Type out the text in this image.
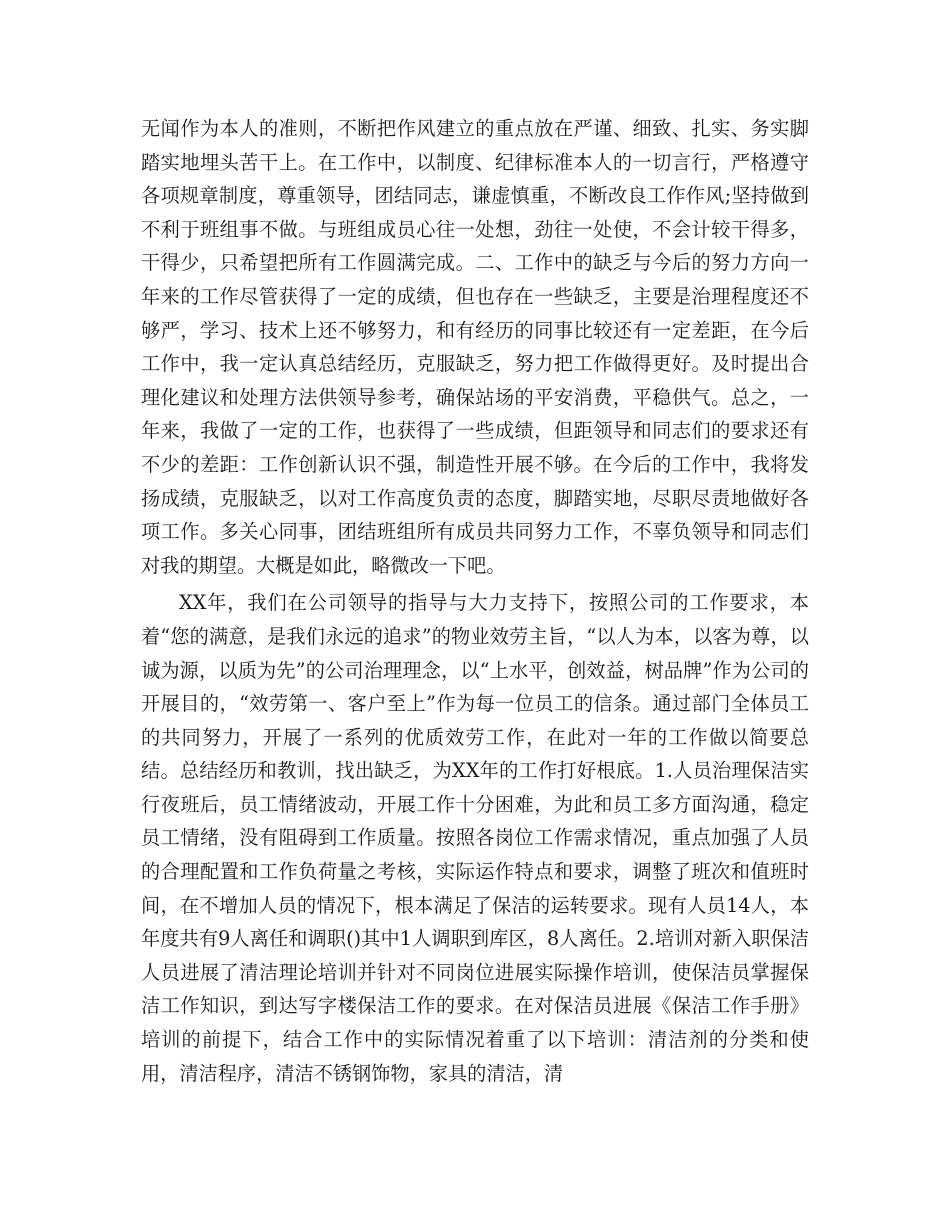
无闻作为本人的准则，不断把作风建立的重点放在严谨、细致、扎实、务实脚踏实地埋头苦干上。在工作中，以制度、纪律标准本人的一切言行，严格遵守各项规章制度，尊重领导，团结同志，谦虚慎重，不断改良工作作风;坚持做到不利于班组事不做。与班组成员心往一处想，劲往一处使，不会计较干得多，干得少，只希望把所有工作圆满完成。二、工作中的缺乏与今后的努力方向一年来的工作尽管获得了一定的成绩，但也存在一些缺乏，主要是治理程度还不够严，学习、技术上还不够努力，和有经历的同事比较还有一定差距，在今后工作中，我一定认真总结经历，克服缺乏，努力把工作做得更好。及时提出合理化建议和处理方法供领导参考，确保站场的平安消费，平稳供气。总之，一年来，我做了一定的工作，也获得了一些成绩，但距领导和同志们的要求还有不少的差距：工作创新认识不强，制造性开展不够。在今后的工作中，我将发扬成绩，克服缺乏，以对工作高度负责的态度，脚踏实地，尽职尽责地做好各项工作。多关心同事，团结班组所有成员共同努力工作，不辜负领导和同志们对我的期望。大概是如此，略微改一下吧。

XX年，我们在公司领导的指导与大力支持下，按照公司的工作要求，本着“您的满意，是我们永远的追求”的物业效劳主旨，“以人为本，以客为尊，以诚为源，以质为先”的公司治理理念，以“上水平，创效益，树品牌”作为公司的开展目的，“效劳第一、客户至上”作为每一位员工的信条。通过部门全体员工的共同努力，开展了一系列的优质效劳工作，在此对一年的工作做以简要总结。总结经历和教训，找出缺乏，为XX年的工作打好根底。1.人员治理保洁实行夜班后，员工情绪波动，开展工作十分困难，为此和员工多方面沟通，稳定员工情绪，没有阻碍到工作质量。按照各岗位工作需求情况，重点加强了人员的合理配置和工作负荷量之考核，实际运作特点和要求，调整了班次和值班时间，在不增加人员的情况下，根本满足了保洁的运转要求。现有人员14人，本年度共有9人离任和调职()其中1人调职到库区，8人离任。2.培训对新入职保洁人员进展了清洁理论培训并针对不同岗位进展实际操作培训，使保洁员掌握保洁工作知识，到达写字楼保洁工作的要求。在对保洁员进展《保洁工作手册》培训的前提下，结合工作中的实际情况着重了以下培训：清洁剂的分类和使用，清洁程序，清洁不锈钢饰物，家具的清洁，清
